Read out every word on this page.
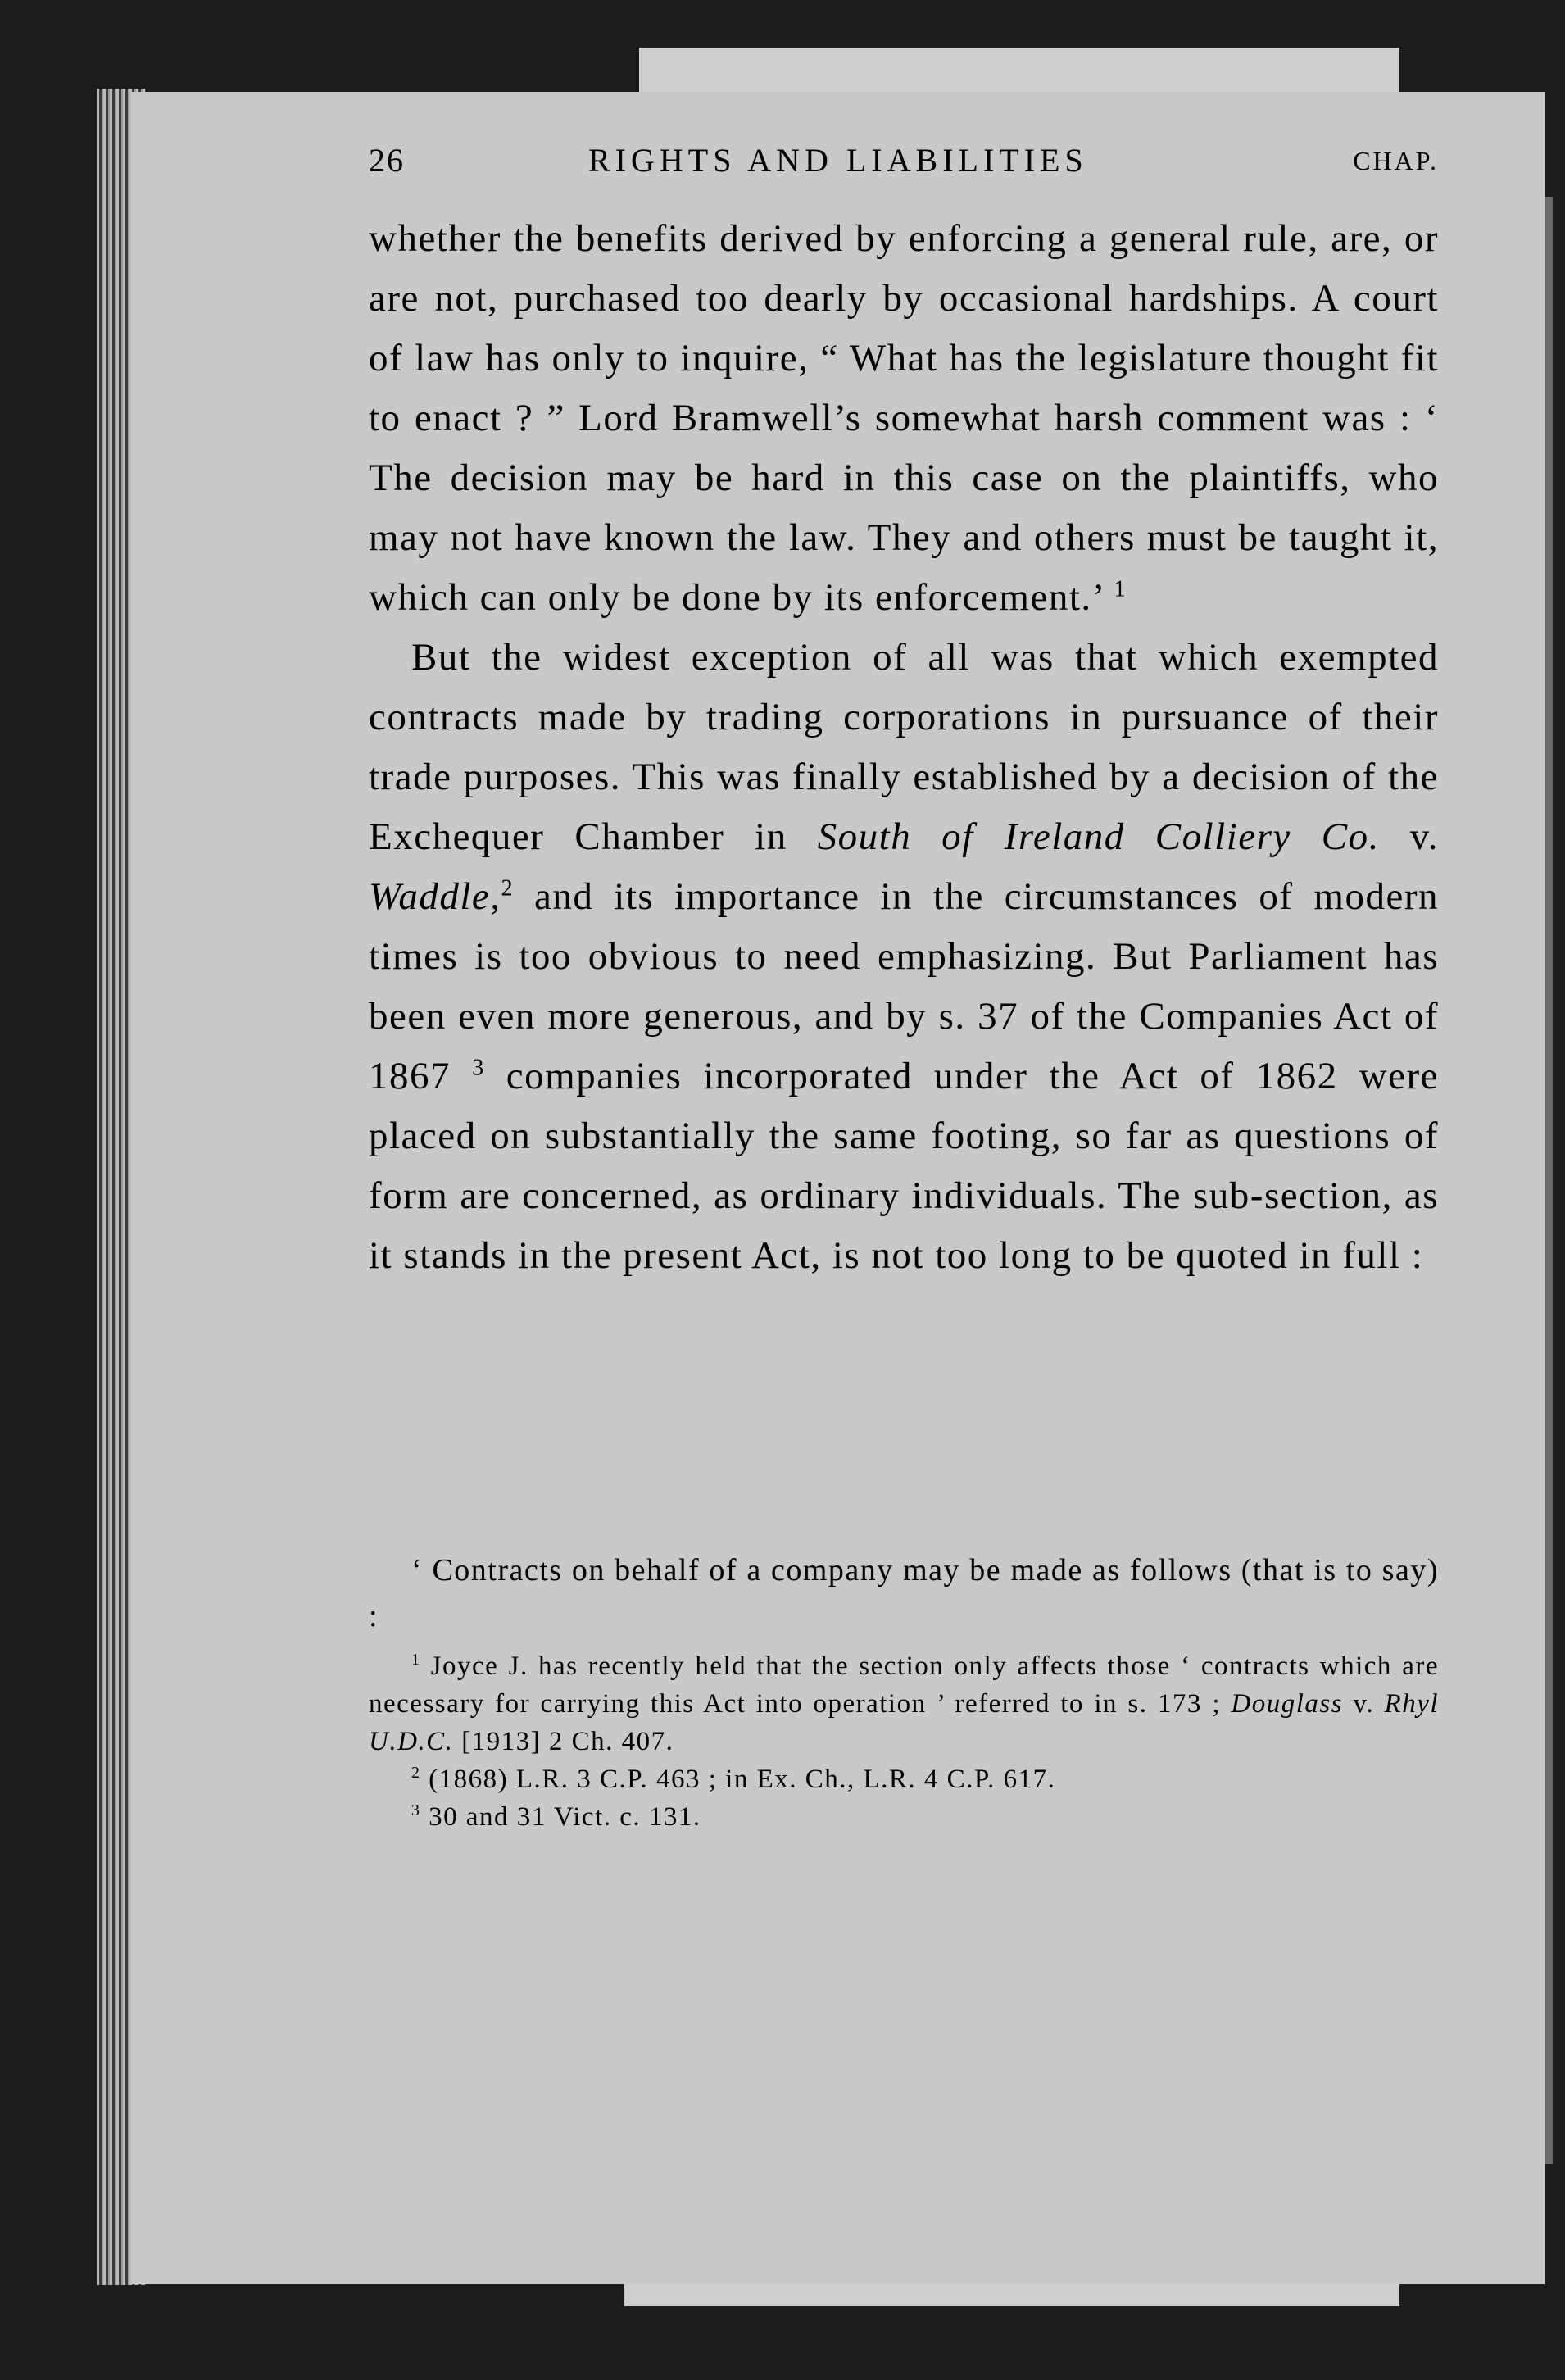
26	RIGHTS AND LIABILITIES	CHAP.

whether the benefits derived by enforcing a general rule, are, or are not, purchased too dearly by occasional hardships. A court of law has only to inquire, “ What has the legislature thought fit to enact ? ” Lord Bramwell’s somewhat harsh comment was : ‘ The decision may be hard in this case on the plaintiffs, who may not have known the law. They and others must be taught it, which can only be done by its enforcement.’ $^1$

But the widest exception of all was that which exempted contracts made by trading corporations in pursuance of their trade purposes. This was finally established by a decision of the Exchequer Chamber in South of Ireland Colliery Co. v. Waddle,$^2$ and its importance in the circumstances of modern times is too obvious to need emphasizing. But Parliament has been even more generous, and by s. 37 of the Companies Act of 1867 $^3$ companies incorporated under the Act of 1862 were placed on substantially the same footing, so far as questions of form are concerned, as ordinary individuals. The sub-section, as it stands in the present Act, is not too long to be quoted in full :

‘ Contracts on behalf of a company may be made as follows (that is to say) :

$^1$ Joyce J. has recently held that the section only affects those ‘ contracts which are necessary for carrying this Act into operation ’ referred to in s. 173 ; Douglass v. Rhyl U.D.C. [1913] 2 Ch. 407.

$^2$ (1868) L.R. 3 C.P. 463 ; in Ex. Ch., L.R. 4 C.P. 617.

$^3$ 30 and 31 Vict. c. 131.
